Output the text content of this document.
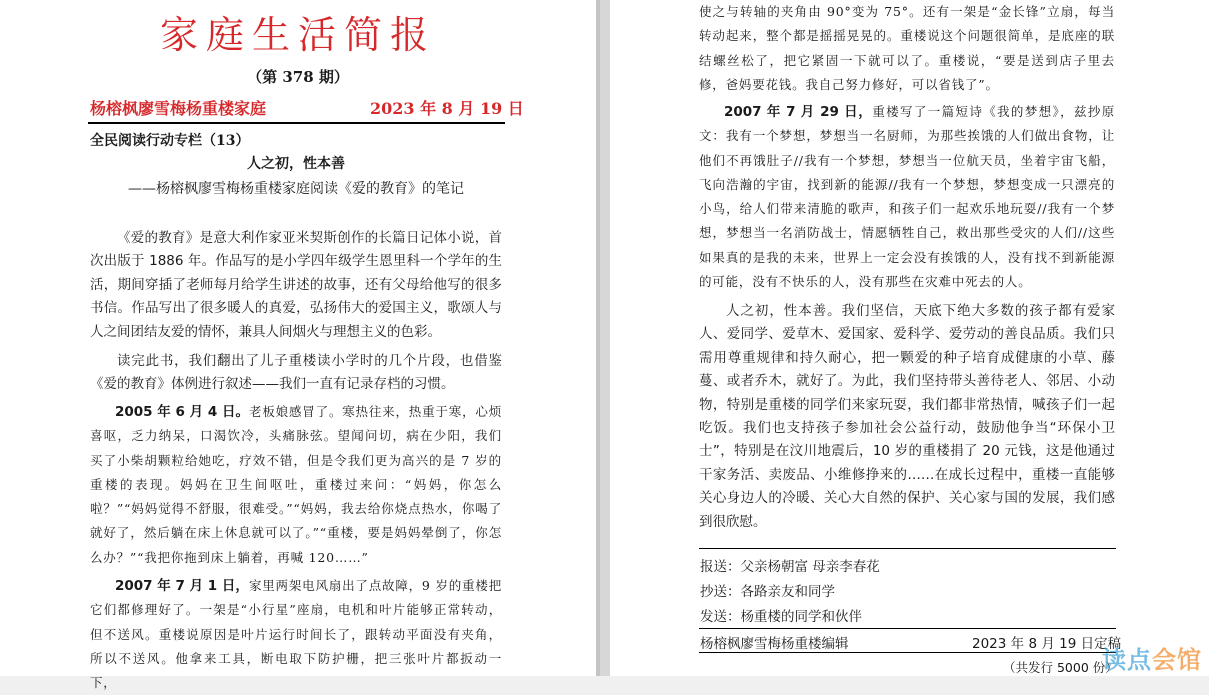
家庭生活简报
（第 378 期）
杨榕枫廖雪梅杨重楼家庭	2023 年 8 月 19 日
全民阅读行动专栏（13）
人之初，性本善
——杨榕枫廖雪梅杨重楼家庭阅读《爱的教育》的笔记
《爱的教育》是意大利作家亚米契斯创作的长篇日记体小说，首次出版于 1886 年。作品写的是小学四年级学生恩里科一个学年的生活，期间穿插了老师每月给学生讲述的故事，还有父母给他写的很多书信。作品写出了很多暖人的真爱，弘扬伟大的爱国主义，歌颂人与人之间团结友爱的情怀，兼具人间烟火与理想主义的色彩。
读完此书，我们翻出了儿子重楼读小学时的几个片段，也借鉴《爱的教育》体例进行叙述——我们一直有记录存档的习惯。
2005 年 6 月 4 日。老板娘感冒了。寒热往来，热重于寒，心烦喜呕，乏力纳呆，口渴饮冷，头痛脉弦。望闻问切，病在少阳，我们买了小柴胡颗粒给她吃，疗效不错，但是令我们更为高兴的是 7 岁的重楼的表现。妈妈在卫生间呕吐，重楼过来问：“妈妈，你怎么啦？”“妈妈觉得不舒服，很难受。”“妈妈，我去给你烧点热水，你喝了就好了，然后躺在床上休息就可以了。”“重楼，要是妈妈晕倒了，你怎么办？”“我把你拖到床上躺着，再喊 120……”
2007 年 7 月 1 日，家里两架电风扇出了点故障，9 岁的重楼把它们都修理好了。一架是“小行星”座扇，电机和叶片能够正常转动，但不送风。重楼说原因是叶片运行时间长了，跟转动平面没有夹角，所以不送风。他拿来工具，断电取下防护栅，把三张叶片都扳动一下，
使之与转轴的夹角由 90°变为 75°。还有一架是“金长锋”立扇，每当转动起来，整个都是摇摇晃晃的。重楼说这个问题很简单，是底座的联结螺丝松了，把它紧固一下就可以了。重楼说，“要是送到店子里去修，爸妈要花钱。我自己努力修好，可以省钱了”。
2007 年 7 月 29 日，重楼写了一篇短诗《我的梦想》，兹抄原文：我有一个梦想，梦想当一名厨师，为那些挨饿的人们做出食物，让他们不再饿肚子//我有一个梦想，梦想当一位航天员，坐着宇宙飞船，飞向浩瀚的宇宙，找到新的能源//我有一个梦想，梦想变成一只漂亮的小鸟，给人们带来清脆的歌声，和孩子们一起欢乐地玩耍//我有一个梦想，梦想当一名消防战士，情愿牺牲自己，救出那些受灾的人们//这些如果真的是我的未来，世界上一定会没有挨饿的人，没有找不到新能源的可能，没有不快乐的人，没有那些在灾难中死去的人。
人之初，性本善。我们坚信，天底下绝大多数的孩子都有爱家人、爱同学、爱草木、爱国家、爱科学、爱劳动的善良品质。我们只需用尊重规律和持久耐心，把一颗爱的种子培育成健康的小草、藤蔓、或者乔木，就好了。为此，我们坚持带头善待老人、邻居、小动物，特别是重楼的同学们来家玩耍，我们都非常热情，喊孩子们一起吃饭。我们也支持孩子参加社会公益行动，鼓励他争当“环保小卫士”，特别是在汶川地震后，10 岁的重楼捐了 20 元钱，这是他通过干家务活、卖废品、小维修挣来的……在成长过程中，重楼一直能够关心身边人的冷暖、关心大自然的保护、关心家与国的发展，我们感到很欣慰。
报送：父亲杨朝富 母亲李春花
抄送：各路亲友和同学
发送：杨重楼的同学和伙伴
杨榕枫廖雪梅杨重楼编辑	2023 年 8 月 19 日定稿
（共发行 5000 份）
读点会馆
